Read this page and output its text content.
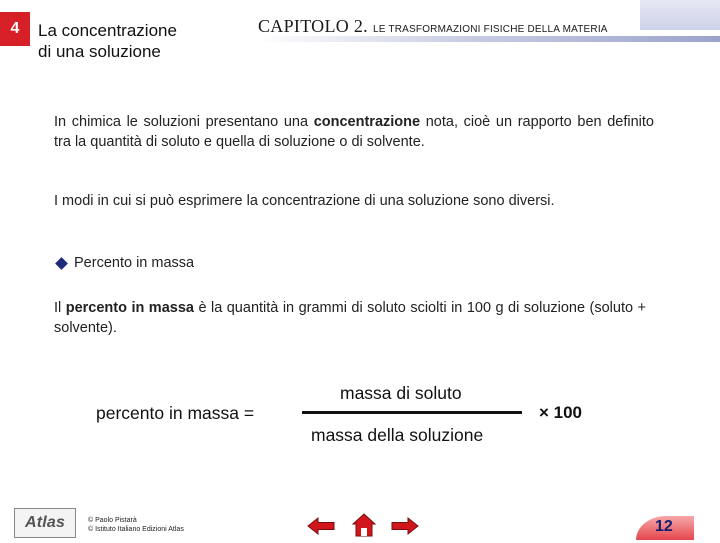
4	La concentrazione
di una soluzione
CAPITOLO 2. LE TRASFORMAZIONI FISICHE DELLA MATERIA
In chimica le soluzioni presentano una concentrazione nota, cioè un rapporto ben definito tra la quantità di soluto e quella di soluzione o di solvente.
I modi in cui si può esprimere la concentrazione di una soluzione sono diversi.
Percento in massa
Il percento in massa è la quantità in grammi di soluto sciolti in 100 g di soluzione (soluto + solvente).
percento in massa =
massa di soluto
massa della soluzione
× 100
Atlas	© Paolo Pistarà
© Istituto Italiano Edizioni Atlas	12
